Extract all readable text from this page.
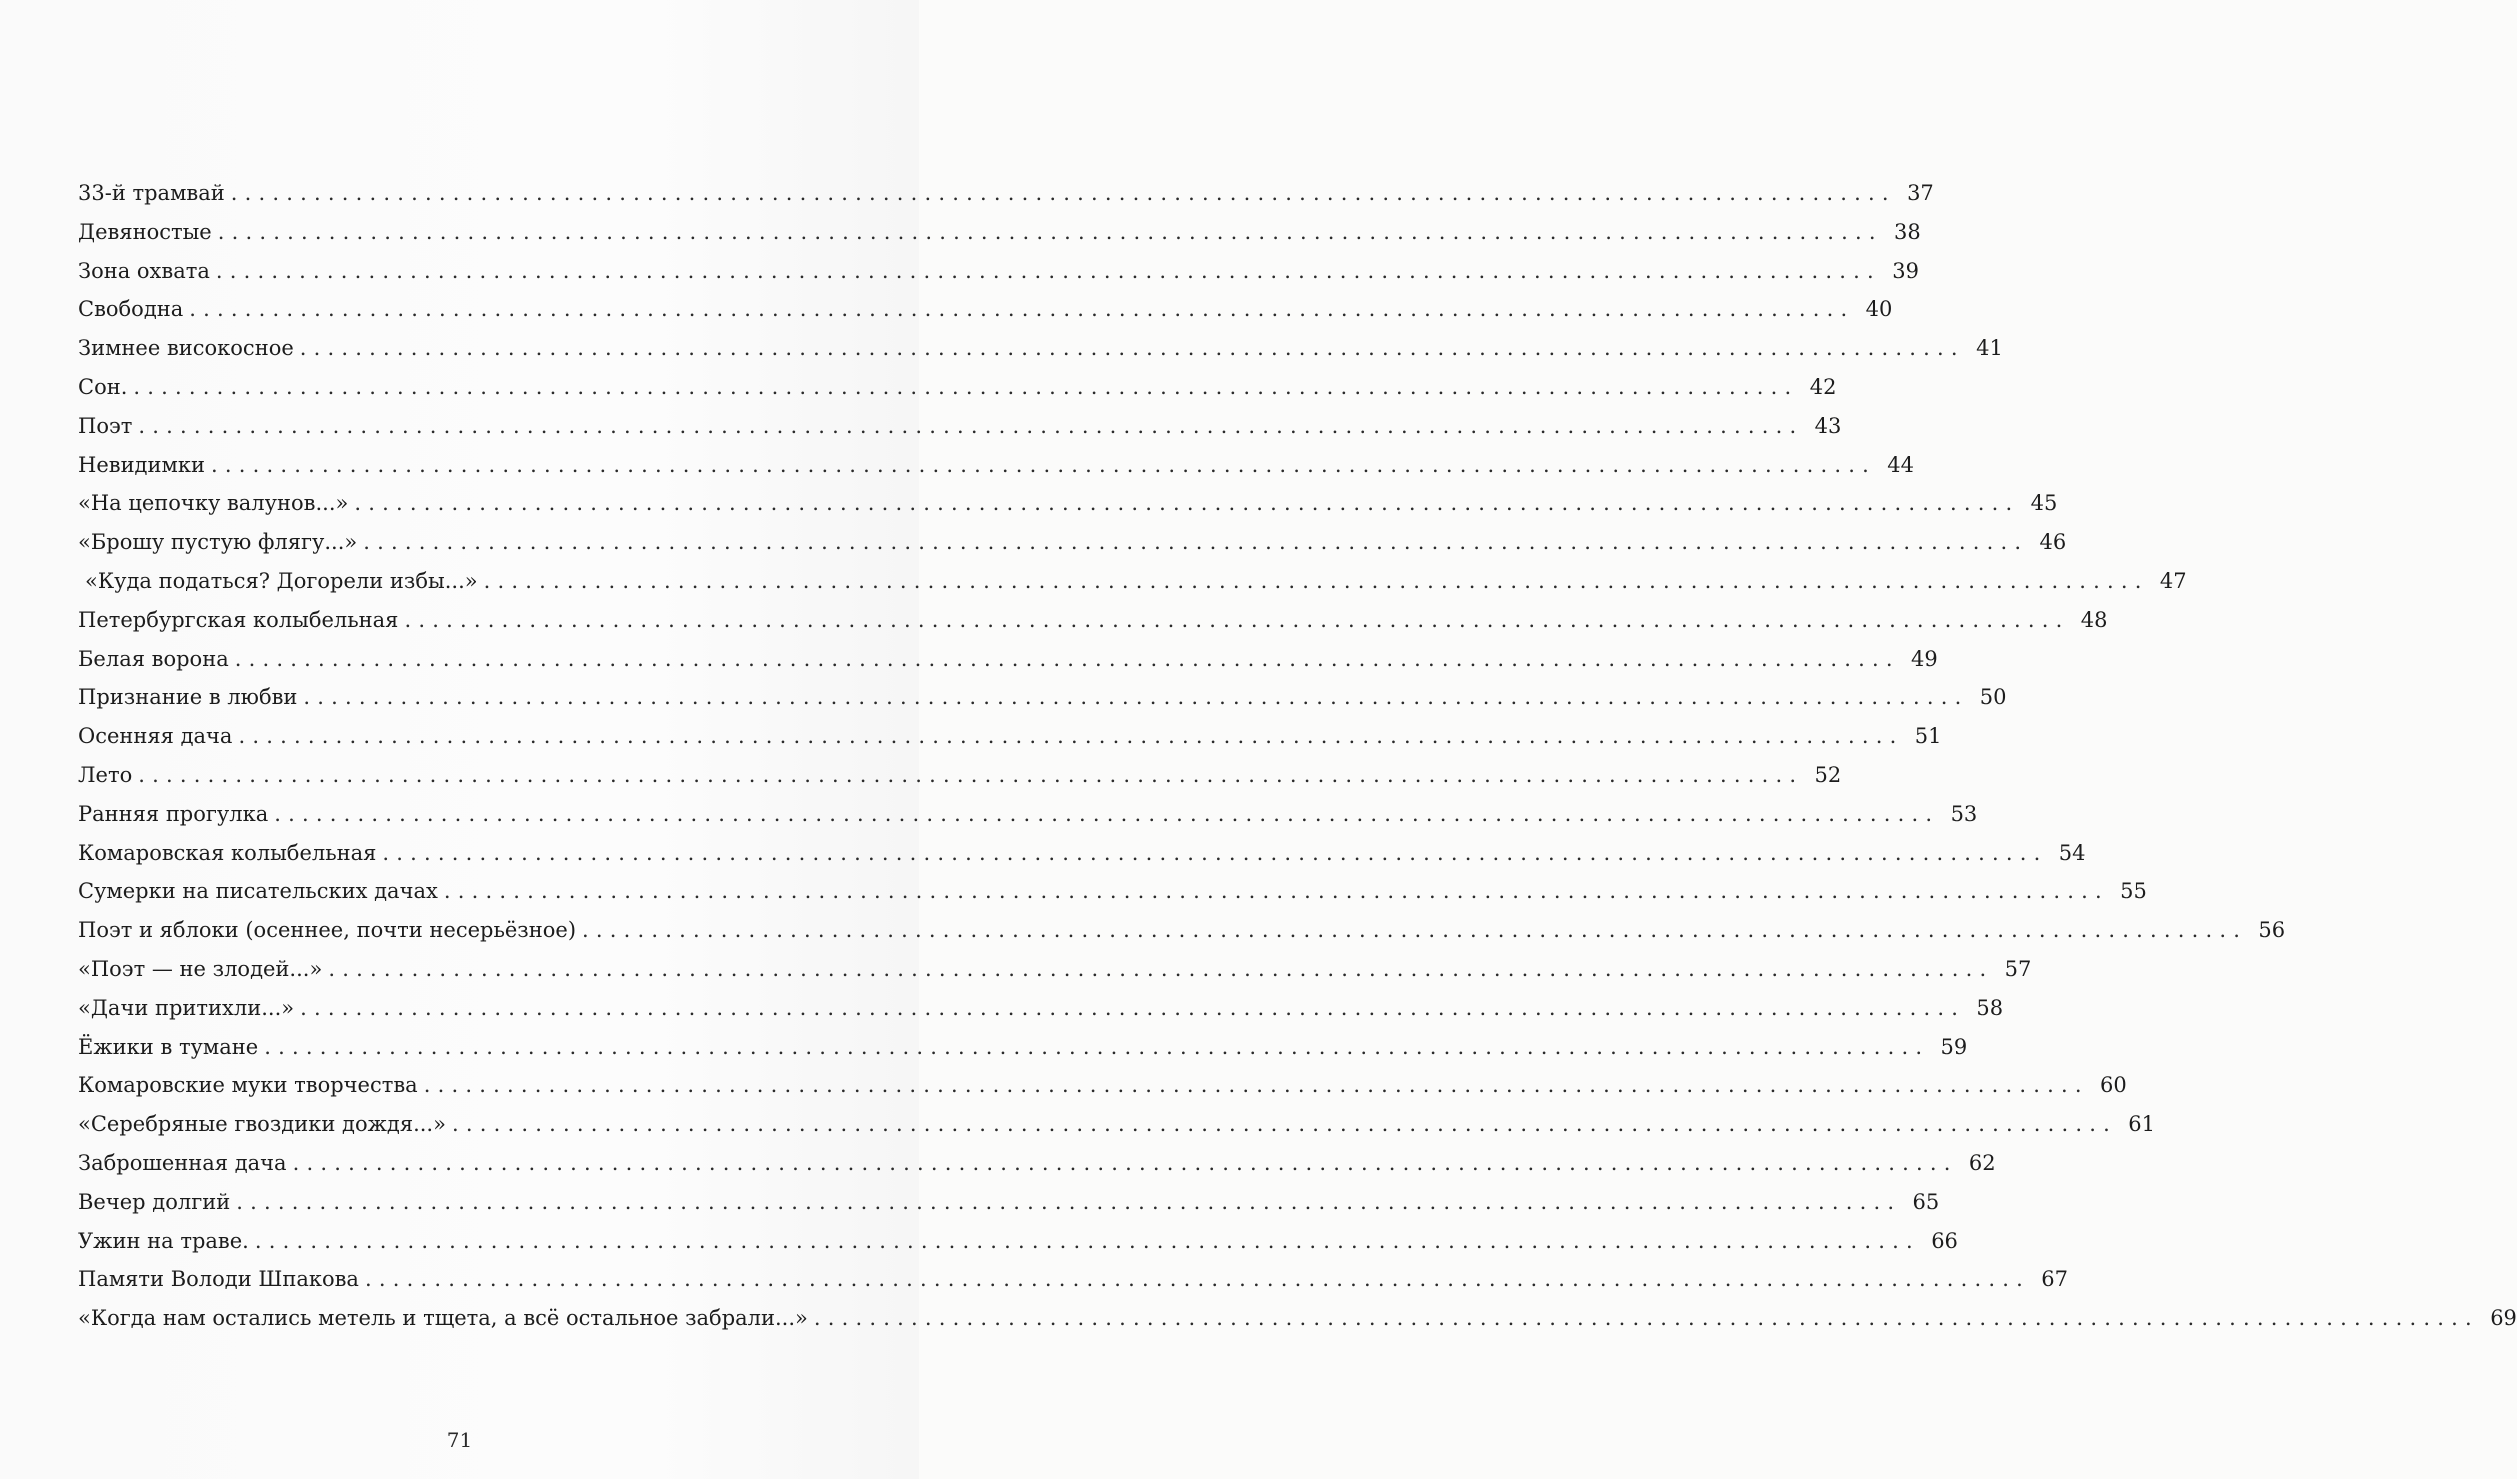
33-й трамвай ........................................................................................................................ 37
Девяностые ........................................................................................................................ 38
Зона охвата ........................................................................................................................ 39
Свободна ........................................................................................................................ 40
Зимнее високосное ........................................................................................................................ 41
Сон. ........................................................................................................................ 42
Поэт ........................................................................................................................ 43
Невидимки ........................................................................................................................ 44
«На цепочку валунов...» ........................................................................................................................ 45
«Брошу пустую флягу...» ........................................................................................................................ 46
«Куда податься? Догорели избы...» ........................................................................................................................ 47
Петербургская колыбельная ........................................................................................................................ 48
Белая ворона ........................................................................................................................ 49
Признание в любви ........................................................................................................................ 50
Осенняя дача ........................................................................................................................ 51
Лето ........................................................................................................................ 52
Ранняя прогулка ........................................................................................................................ 53
Комаровская колыбельная ........................................................................................................................ 54
Сумерки на писательских дачах ........................................................................................................................ 55
Поэт и яблоки (осеннее, почти несерьёзное) ........................................................................................................................ 56
«Поэт — не злодей...» ........................................................................................................................ 57
«Дачи притихли...» ........................................................................................................................ 58
Ёжики в тумане ........................................................................................................................ 59
Комаровские муки творчества ........................................................................................................................ 60
«Серебряные гвоздики дождя...» ........................................................................................................................ 61
Заброшенная дача ........................................................................................................................ 62
Вечер долгий ........................................................................................................................ 65
Ужин на траве. ........................................................................................................................ 66
Памяти Володи Шпакова ........................................................................................................................ 67
«Когда нам остались метель и тщета, а всё остальное забрали...» ........................................................................................................................ 69
71
